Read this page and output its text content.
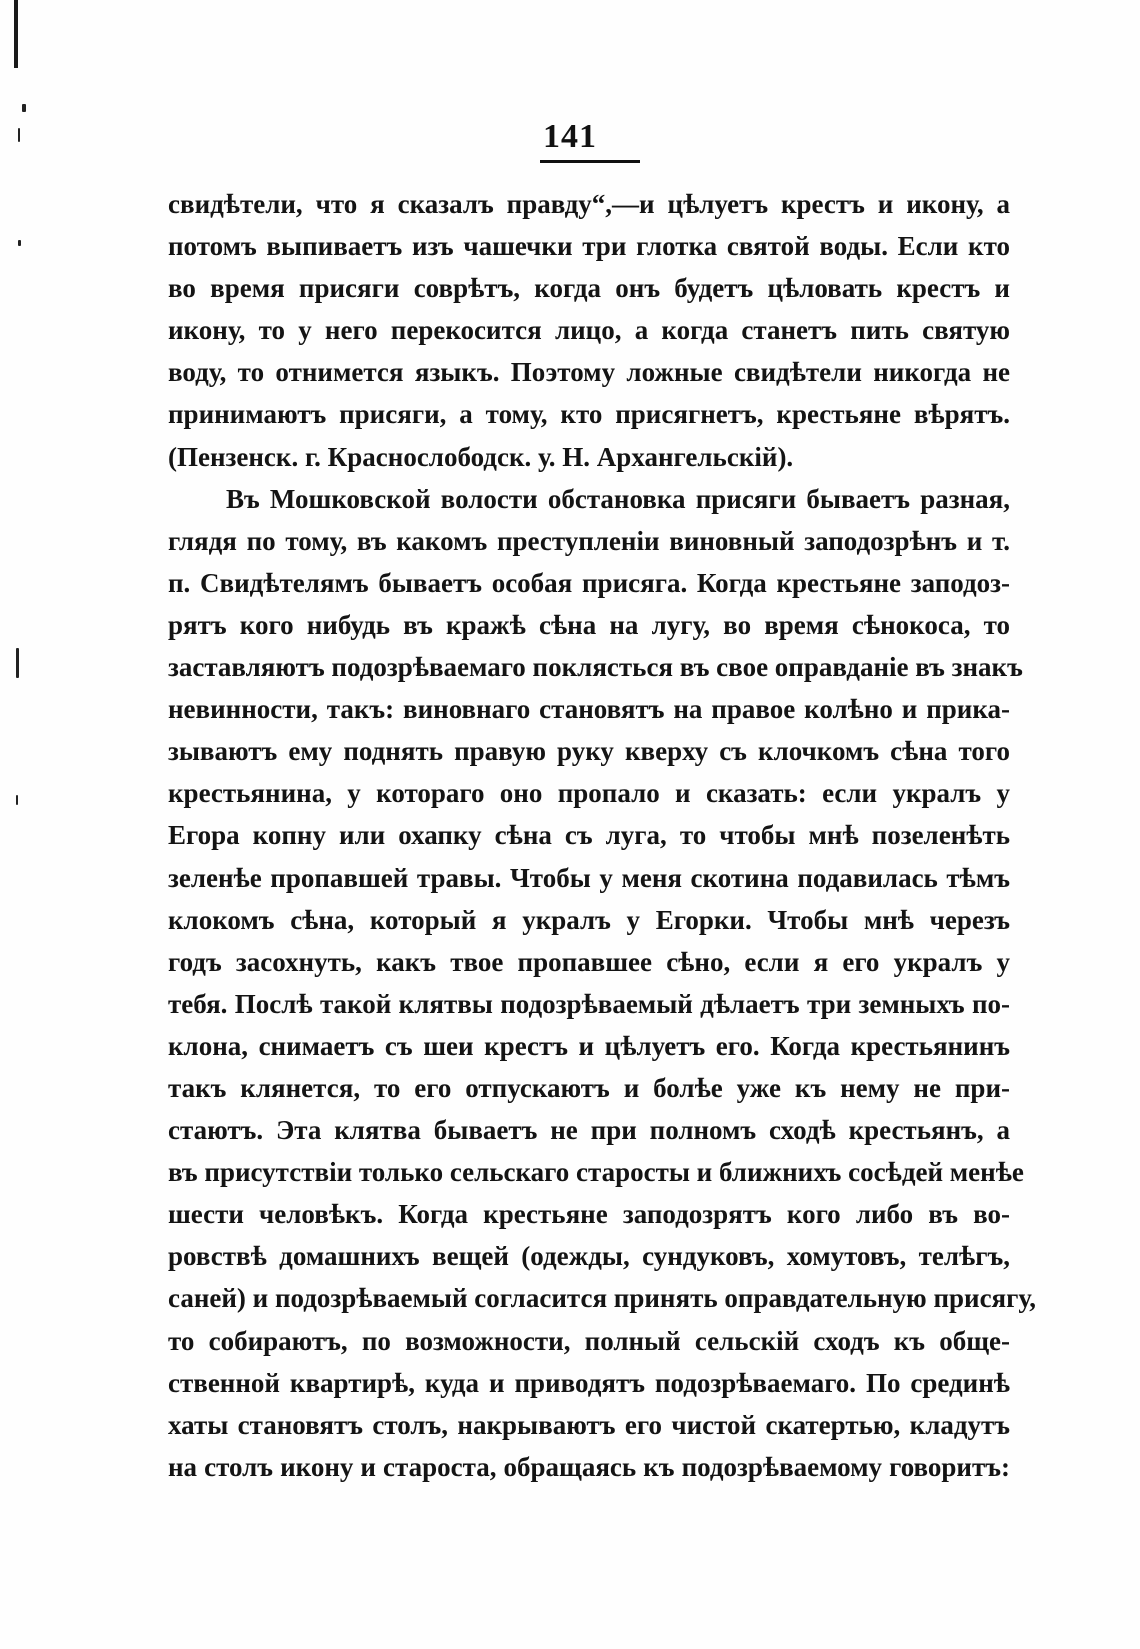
141
свидѣтели, что я сказалъ правду“,—и цѣлуетъ крестъ и икону, а
потомъ выпиваетъ изъ чашечки три глотка святой воды. Если кто
во время присяги соврѣтъ, когда онъ будетъ цѣловать крестъ и
икону, то у него перекосится лицо, а когда станетъ пить святую
воду, то отнимется языкъ. Поэтому ложные свидѣтели никогда не
принимаютъ присяги, а тому, кто присягнетъ, крестьяне вѣрятъ.
(Пензенск. г. Краснослободск. у. Н. Архангельскій).
Въ Мошковской волости обстановка присяги бываетъ разная,
глядя по тому, въ какомъ преступленіи виновный заподозрѣнъ и т.
п. Свидѣтелямъ бываетъ особая присяга. Когда крестьяне заподоз-
рятъ кого нибудь въ кражѣ сѣна на лугу, во время сѣнокоса, то
заставляютъ подозрѣваемаго поклясться въ свое оправданіе въ знакъ
невинности, такъ: виновнаго становятъ на правое колѣно и прика-
зываютъ ему поднять правую руку кверху съ клочкомъ сѣна того
крестьянина, у котораго оно пропало и сказать: если укралъ у
Егора копну или охапку сѣна съ луга, то чтобы мнѣ позеленѣть
зеленѣе пропавшей травы. Чтобы у меня скотина подавилась тѣмъ
клокомъ сѣна, который я укралъ у Егорки. Чтобы мнѣ черезъ
годъ засохнуть, какъ твое пропавшее сѣно, если я его укралъ у
тебя. Послѣ такой клятвы подозрѣваемый дѣлаетъ три земныхъ по-
клона, снимаетъ съ шеи крестъ и цѣлуетъ его. Когда крестьянинъ
такъ клянется, то его отпускаютъ и болѣе уже къ нему не при-
стаютъ. Эта клятва бываетъ не при полномъ сходѣ крестьянъ, а
въ присутствіи только сельскаго старосты и ближнихъ сосѣдей менѣе
шести человѣкъ. Когда крестьяне заподозрятъ кого либо въ во-
ровствѣ домашнихъ вещей (одежды, сундуковъ, хомутовъ, телѣгъ,
саней) и подозрѣваемый согласится принять оправдательную присягу,
то собираютъ, по возможности, полный сельскій сходъ къ обще-
ственной квартирѣ, куда и приводятъ подозрѣваемаго. По срединѣ
хаты становятъ столъ, накрываютъ его чистой скатертью, кладутъ
на столъ икону и староста, обращаясь къ подозрѣваемому говоритъ:
